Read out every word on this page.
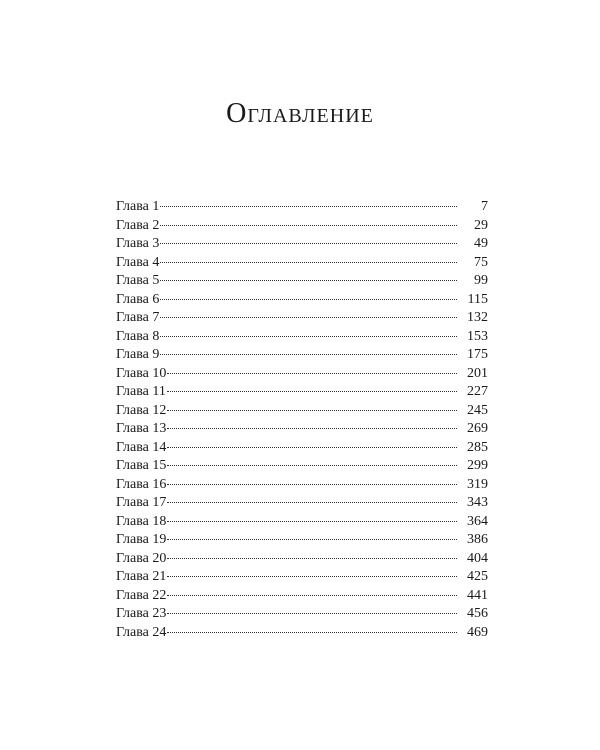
Оглавление
Глава 1	7
Глава 2	29
Глава 3	49
Глава 4	75
Глава 5	99
Глава 6	115
Глава 7	132
Глава 8	153
Глава 9	175
Глава 10	201
Глава 11	227
Глава 12	245
Глава 13	269
Глава 14	285
Глава 15	299
Глава 16	319
Глава 17	343
Глава 18	364
Глава 19	386
Глава 20	404
Глава 21	425
Глава 22	441
Глава 23	456
Глава 24	469
